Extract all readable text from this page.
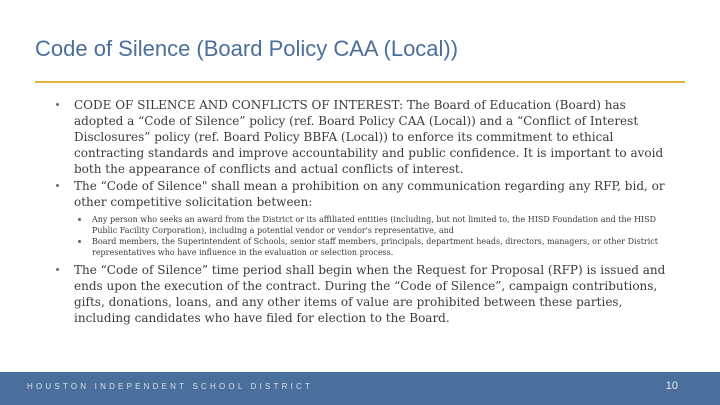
Code of Silence (Board Policy CAA (Local))
CODE OF SILENCE AND CONFLICTS OF INTEREST: The Board of Education (Board) has adopted a “Code of Silence” policy (ref. Board Policy CAA (Local)) and a “Conflict of Interest Disclosures” policy (ref. Board Policy BBFA (Local)) to enforce its commitment to ethical contracting standards and improve accountability and public confidence. It is important to avoid both the appearance of conflicts and actual conflicts of interest.
The “Code of Silence" shall mean a prohibition on any communication regarding any RFP, bid, or other competitive solicitation between:
Any person who seeks an award from the District or its affiliated entities (including, but not limited to, the HISD Foundation and the HISD Public Facility Corporation), including a potential vendor or vendor's representative, and
Board members, the Superintendent of Schools, senior staff members, principals, department heads, directors, managers, or other District representatives who have influence in the evaluation or selection process.
The “Code of Silence” time period shall begin when the Request for Proposal (RFP) is issued and ends upon the execution of the contract. During the “Code of Silence”, campaign contributions, gifts, donations, loans, and any other items of value are prohibited between these parties, including candidates who have filed for election to the Board.
HOUSTON INDEPENDENT SCHOOL DISTRICT	10
